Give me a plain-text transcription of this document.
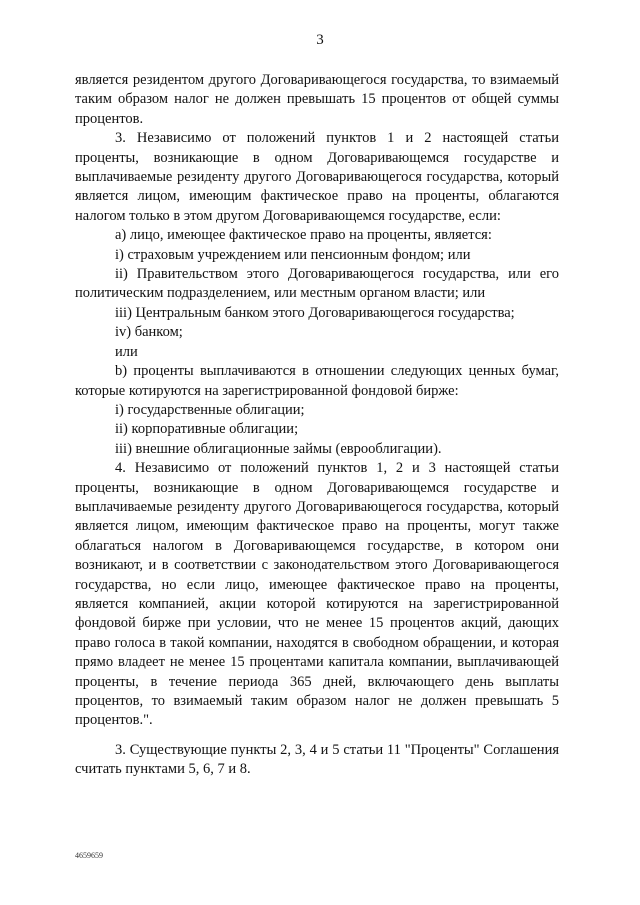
3

является резидентом другого Договаривающегося государства, то взимаемый таким образом налог не должен превышать 15 процентов от общей суммы процентов.

3. Независимо от положений пунктов 1 и 2 настоящей статьи проценты, возникающие в одном Договаривающемся государстве и выплачиваемые резиденту другого Договаривающегося государства, который является лицом, имеющим фактическое право на проценты, облагаются налогом только в этом другом Договаривающемся государстве, если:

а) лицо, имеющее фактическое право на проценты, является:

i) страховым учреждением или пенсионным фондом; или

ii) Правительством этого Договаривающегося государства, или его политическим подразделением, или местным органом власти; или

iii) Центральным банком этого Договаривающегося государства;

iv) банком;

или

b) проценты выплачиваются в отношении следующих ценных бумаг, которые котируются на зарегистрированной фондовой бирже:

i) государственные облигации;

ii) корпоративные облигации;

iii) внешние облигационные займы (еврооблигации).

4. Независимо от положений пунктов 1, 2 и 3 настоящей статьи проценты, возникающие в одном Договаривающемся государстве и выплачиваемые резиденту другого Договаривающегося государства, который является лицом, имеющим фактическое право на проценты, могут также облагаться налогом в Договаривающемся государстве, в котором они возникают, и в соответствии с законодательством этого Договаривающегося государства, но если лицо, имеющее фактическое право на проценты, является компанией, акции которой котируются на зарегистрированной фондовой бирже при условии, что не менее 15 процентов акций, дающих право голоса в такой компании, находятся в свободном обращении, и которая прямо владеет не менее 15 процентами капитала компании, выплачивающей проценты, в течение периода 365 дней, включающего день выплаты процентов, то взимаемый таким образом налог не должен превышать 5 процентов.".

3. Существующие пункты 2, 3, 4 и 5 статьи 11 "Проценты" Соглашения считать пунктами 5, 6, 7 и 8.

4659659
